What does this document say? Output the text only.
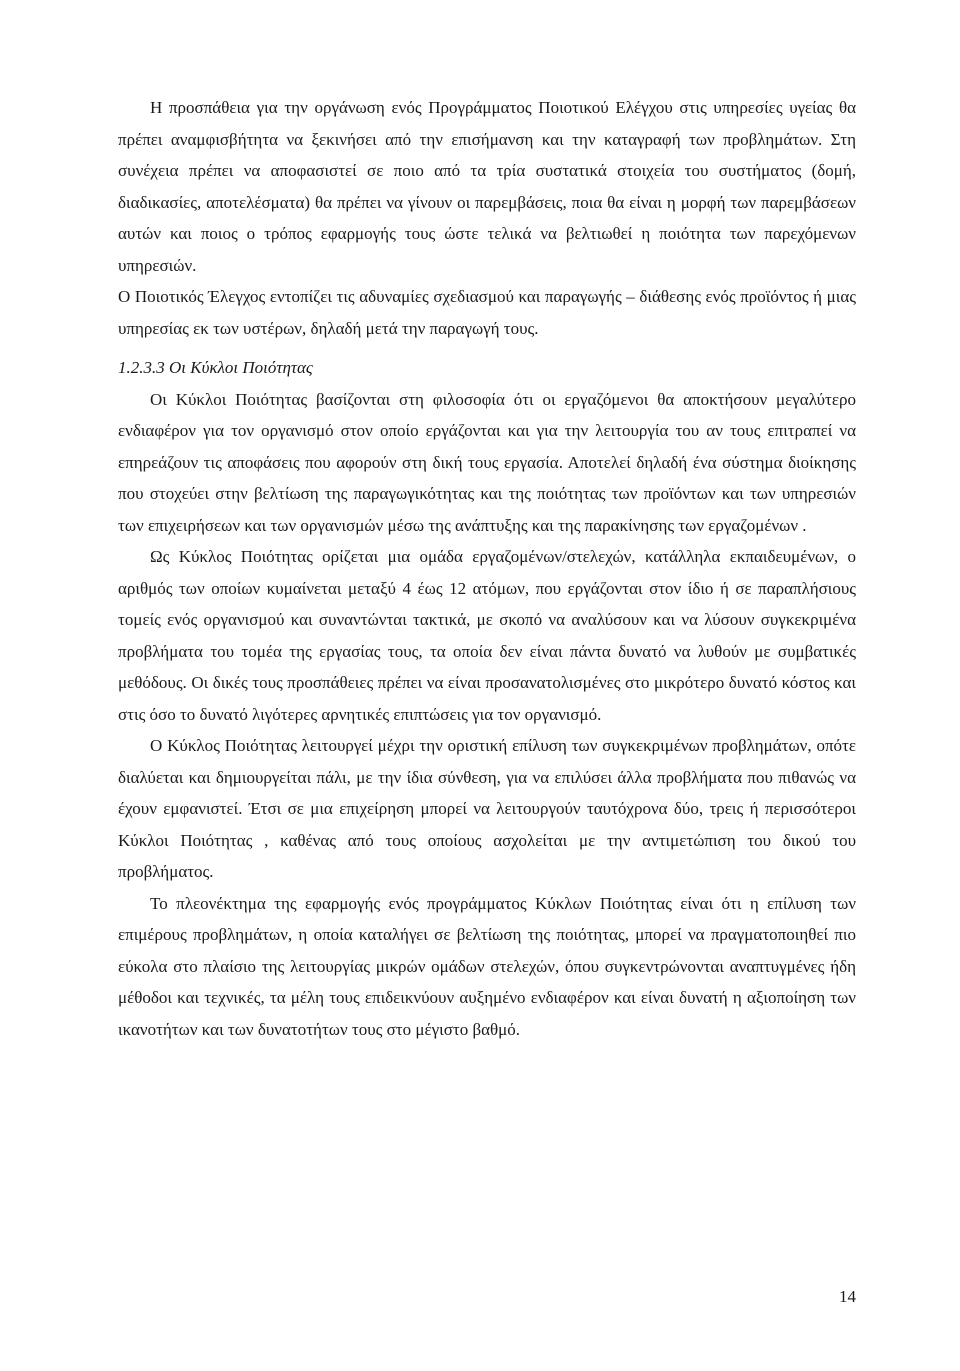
Η προσπάθεια για την οργάνωση ενός Προγράμματος Ποιοτικού Ελέγχου στις υπηρεσίες υγείας θα πρέπει αναμφισβήτητα να ξεκινήσει από την επισήμανση και την καταγραφή των προβλημάτων. Στη συνέχεια πρέπει να αποφασιστεί σε ποιο από τα τρία συστατικά στοιχεία του συστήματος (δομή, διαδικασίες, αποτελέσματα) θα πρέπει να γίνουν οι παρεμβάσεις, ποια θα είναι η μορφή των παρεμβάσεων αυτών και ποιος ο τρόπος εφαρμογής τους ώστε τελικά να βελτιωθεί η ποιότητα των παρεχόμενων υπηρεσιών.

Ο Ποιοτικός Έλεγχος εντοπίζει τις αδυναμίες σχεδιασμού και παραγωγής – διάθεσης ενός προϊόντος ή μιας υπηρεσίας εκ των υστέρων, δηλαδή μετά την παραγωγή τους.

1.2.3.3 Οι Κύκλοι Ποιότητας

Οι Κύκλοι Ποιότητας βασίζονται στη φιλοσοφία ότι οι εργαζόμενοι θα αποκτήσουν μεγαλύτερο ενδιαφέρον για τον οργανισμό στον οποίο εργάζονται και για την λειτουργία του αν τους επιτραπεί να επηρεάζουν τις αποφάσεις που αφορούν στη δική τους εργασία. Αποτελεί δηλαδή ένα σύστημα διοίκησης που στοχεύει στην βελτίωση της παραγωγικότητας και της ποιότητας των προϊόντων και των υπηρεσιών των επιχειρήσεων και των οργανισμών μέσω της ανάπτυξης και της παρακίνησης των εργαζομένων .

Ως Κύκλος Ποιότητας ορίζεται μια ομάδα εργαζομένων/στελεχών, κατάλληλα εκπαιδευμένων, ο αριθμός των οποίων κυμαίνεται μεταξύ 4 έως 12 ατόμων, που εργάζονται στον ίδιο ή σε παραπλήσιους τομείς ενός οργανισμού και συναντώνται τακτικά, με σκοπό να αναλύσουν και να λύσουν συγκεκριμένα προβλήματα του τομέα της εργασίας τους, τα οποία δεν είναι πάντα δυνατό να λυθούν με συμβατικές μεθόδους. Οι δικές τους προσπάθειες πρέπει να είναι προσανατολισμένες στο μικρότερο δυνατό κόστος και στις όσο το δυνατό λιγότερες αρνητικές επιπτώσεις για τον οργανισμό.

Ο Κύκλος Ποιότητας λειτουργεί μέχρι την οριστική επίλυση των συγκεκριμένων προβλημάτων, οπότε διαλύεται και δημιουργείται πάλι, με την ίδια σύνθεση, για να επιλύσει άλλα προβλήματα που πιθανώς να έχουν εμφανιστεί. Έτσι σε μια επιχείρηση μπορεί να λειτουργούν ταυτόχρονα δύο, τρεις ή περισσότεροι Κύκλοι Ποιότητας , καθένας από τους οποίους ασχολείται με την αντιμετώπιση του δικού του προβλήματος.

Το πλεονέκτημα της εφαρμογής ενός προγράμματος Κύκλων Ποιότητας είναι ότι η επίλυση των επιμέρους προβλημάτων, η οποία καταλήγει σε βελτίωση της ποιότητας, μπορεί να πραγματοποιηθεί πιο εύκολα στο πλαίσιο της λειτουργίας μικρών ομάδων στελεχών, όπου συγκεντρώνονται αναπτυγμένες ήδη μέθοδοι και τεχνικές, τα μέλη τους επιδεικνύουν αυξημένο ενδιαφέρον και είναι δυνατή η αξιοποίηση των ικανοτήτων και των δυνατοτήτων τους στο μέγιστο βαθμό.

14
